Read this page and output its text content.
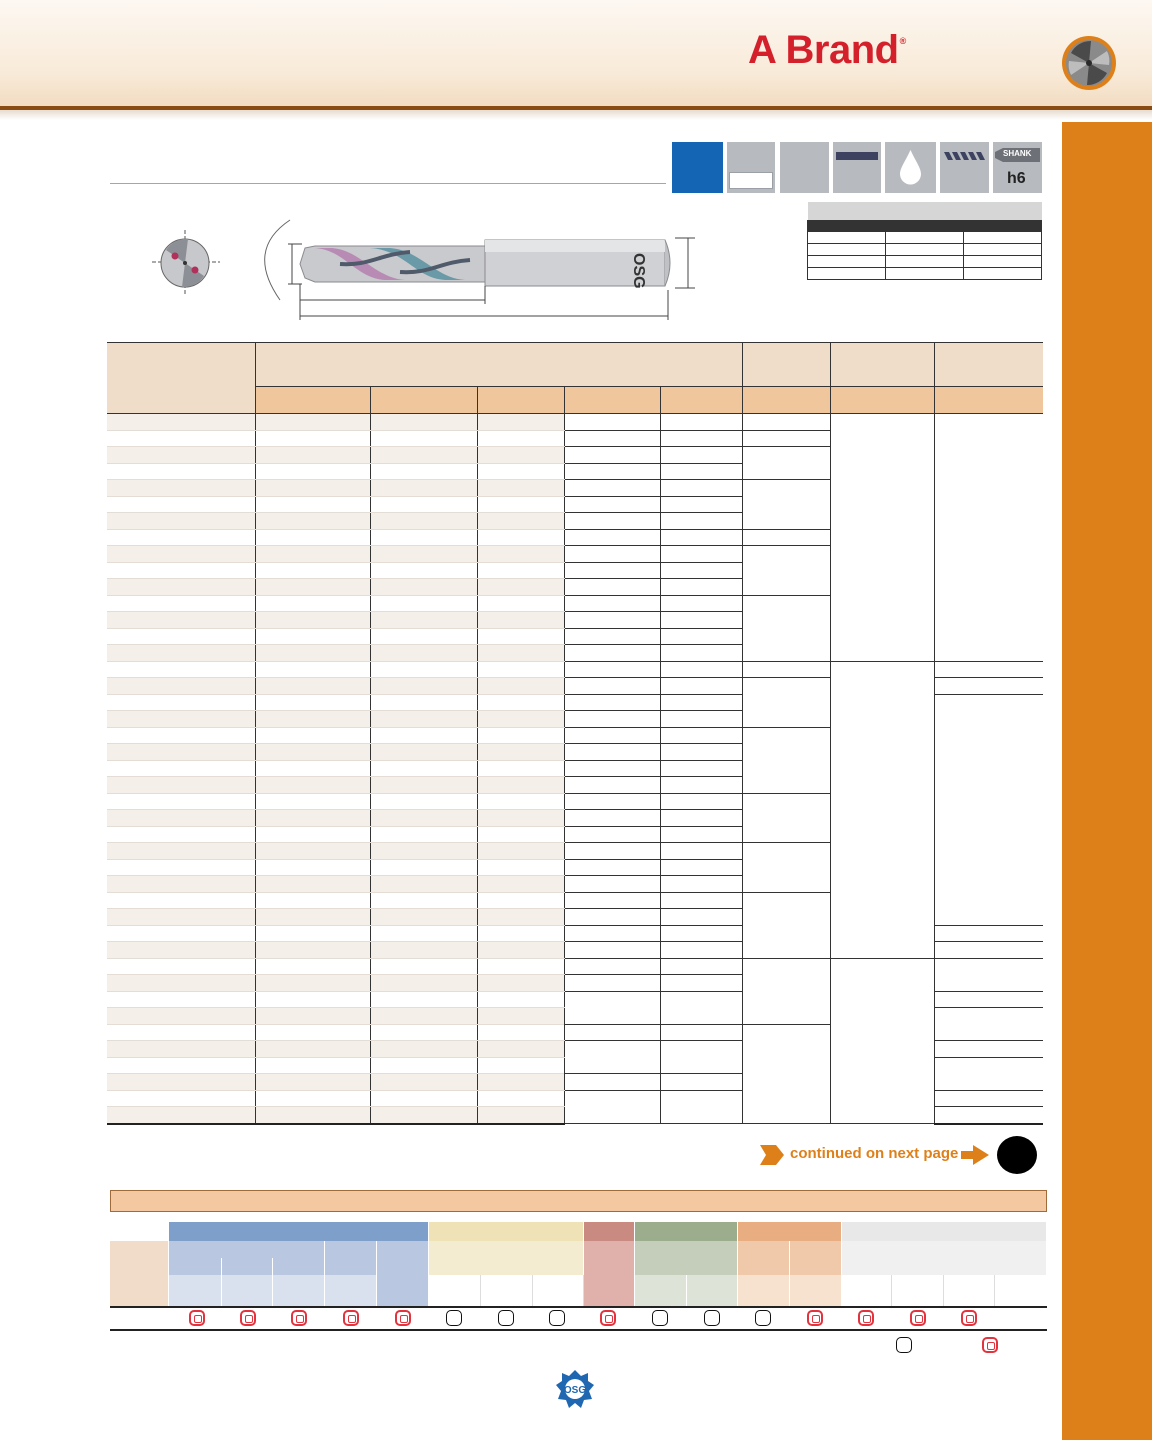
A Brand®
SHANK
h6
OSG

continued on next page
OSG
